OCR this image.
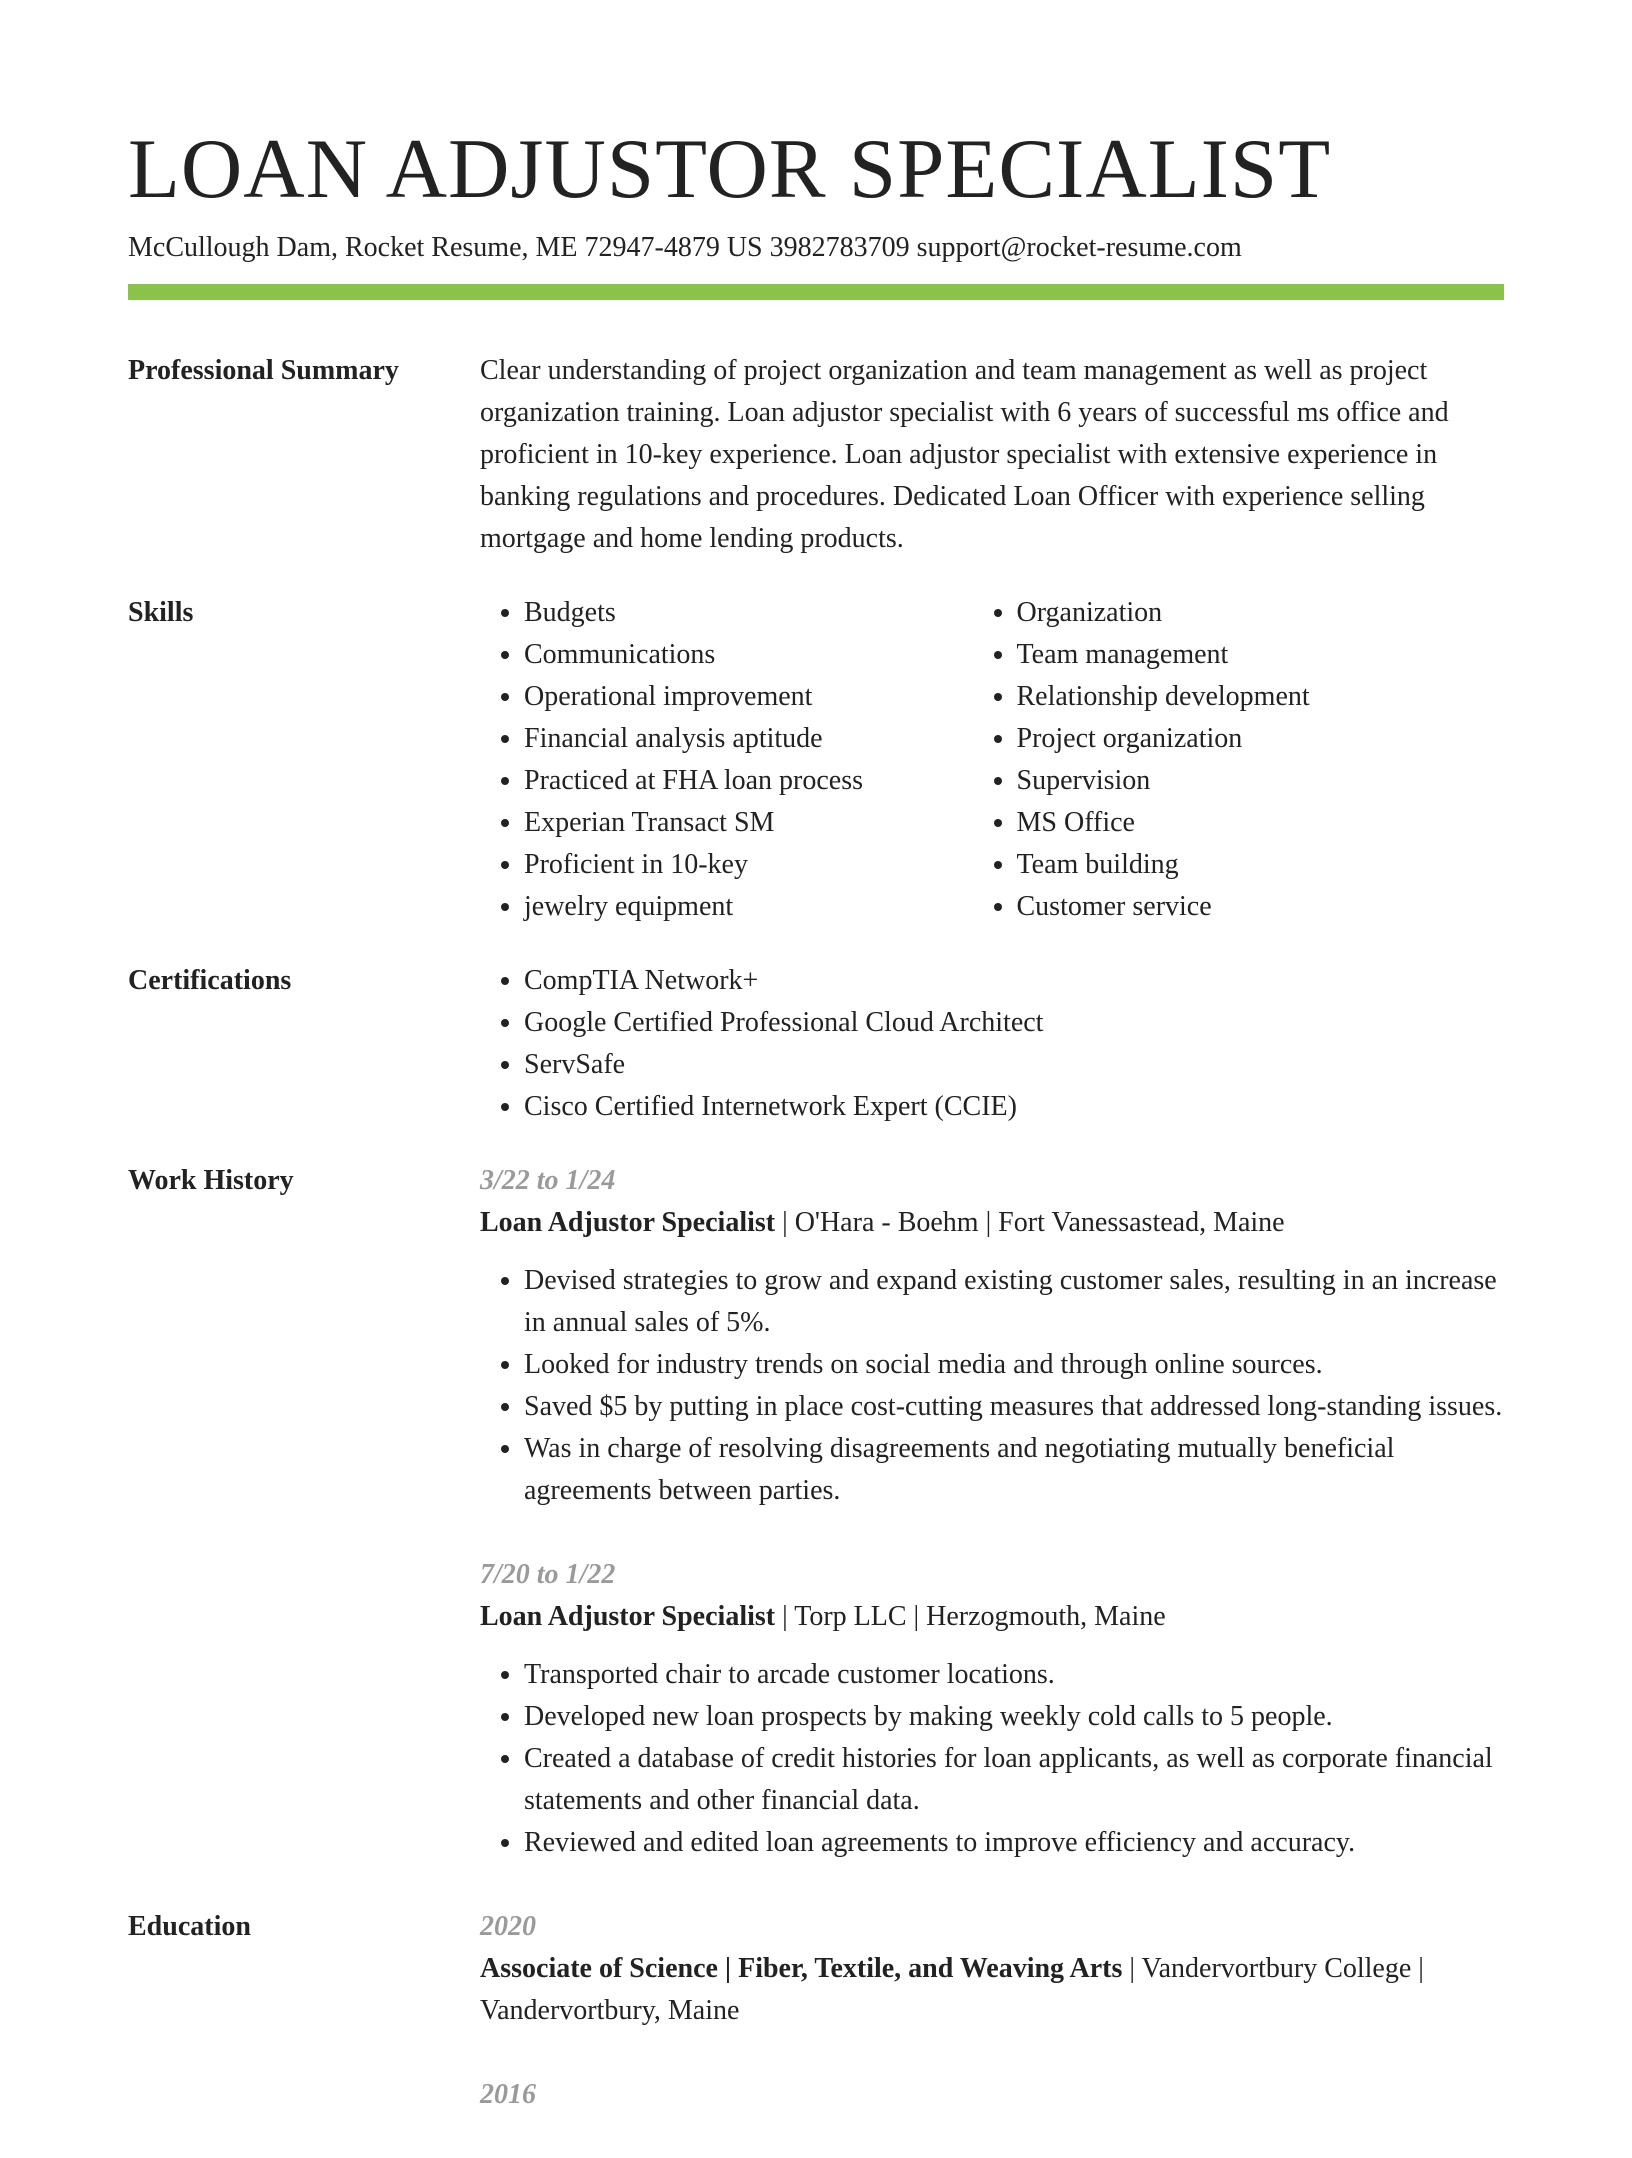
LOAN ADJUSTOR SPECIALIST
McCullough Dam, Rocket Resume, ME 72947-4879 US 3982783709 support@rocket-resume.com
Professional Summary	Clear understanding of project organization and team management as well as project organization training. Loan adjustor specialist with 6 years of successful ms office and proficient in 10-key experience. Loan adjustor specialist with extensive experience in banking regulations and procedures. Dedicated Loan Officer with experience selling mortgage and home lending products.

Skills	• Budgets
• Communications
• Operational improvement
• Financial analysis aptitude
• Practiced at FHA loan process
• Experian Transact SM
• Proficient in 10-key
• jewelry equipment
• Organization
• Team management
• Relationship development
• Project organization
• Supervision
• MS Office
• Team building
• Customer service
Certifications	• CompTIA Network+
• Google Certified Professional Cloud Architect
• ServSafe
• Cisco Certified Internetwork Expert (CCIE)
Work History	3/22 to 1/24
Loan Adjustor Specialist | O'Hara - Boehm | Fort Vanessastead, Maine
• Devised strategies to grow and expand existing customer sales, resulting in an increase in annual sales of 5%.
• Looked for industry trends on social media and through online sources.
• Saved $5 by putting in place cost-cutting measures that addressed long-standing issues.
• Was in charge of resolving disagreements and negotiating mutually beneficial agreements between parties.
7/20 to 1/22
Loan Adjustor Specialist | Torp LLC | Herzogmouth, Maine
• Transported chair to arcade customer locations.
• Developed new loan prospects by making weekly cold calls to 5 people.
• Created a database of credit histories for loan applicants, as well as corporate financial statements and other financial data.
• Reviewed and edited loan agreements to improve efficiency and accuracy.
Education	2020
Associate of Science | Fiber, Textile, and Weaving Arts | Vandervortbury College | Vandervortbury, Maine
2016
